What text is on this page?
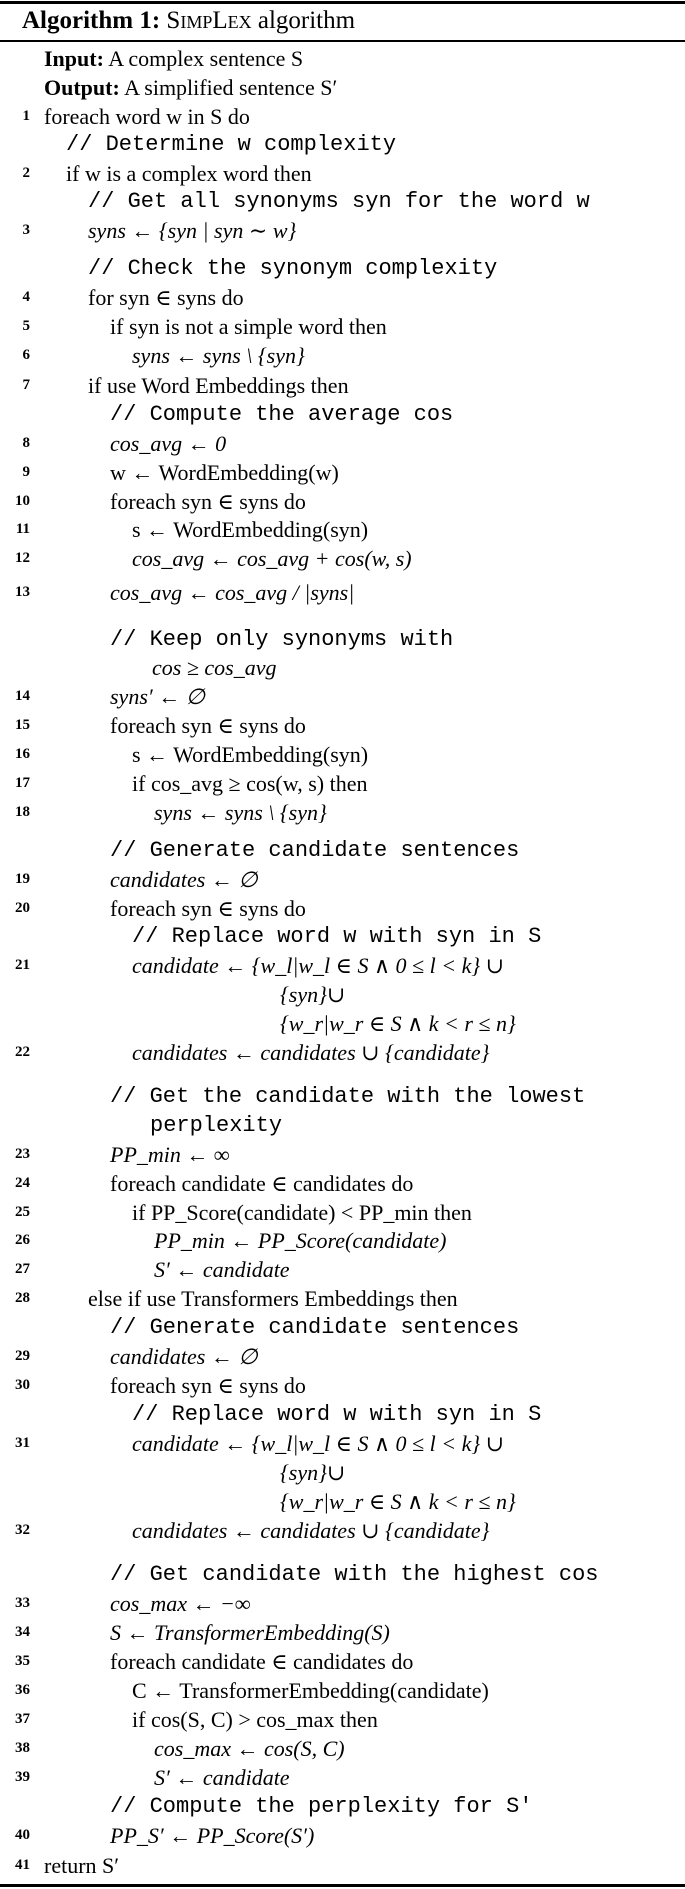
Algorithm 1: SimpLex algorithm
Input: A complex sentence S
Output: A simplified sentence S′
1 foreach word w in S do
// Determine w complexity
2 if w is a complex word then
// Get all synonyms syn for the word w
3	syns ← {syn | syn ∼ w}
// Check the synonym complexity
4	for syn ∈ syns do
5	if syn is not a simple word then
6	syns ← syns \ {syn}
7	if use Word Embeddings then
// Compute the average cos
8	cos_avg ← 0
9	w ← WordEmbedding(w)
10	foreach syn ∈ syns do
11	s ← WordEmbedding(syn)
12	cos_avg ← cos_avg + cos(w, s)
13	cos_avg ← cos_avg / |syns|
// Keep only synonyms with
cos ≥ cos_avg
14	syns′ ← ∅
15	foreach syn ∈ syns do
16	s ← WordEmbedding(syn)
17	if cos_avg ≥ cos(w, s) then
18	syns ← syns \ {syn}
// Generate candidate sentences
19	candidates ← ∅
20	foreach syn ∈ syns do
// Replace word w with syn in S
21	candidate ← {w_l|w_l ∈ S ∧ 0 ≤ l < k} ∪
{syn}∪
{w_r|w_r ∈ S ∧ k < r ≤ n}
22	candidates ← candidates ∪ {candidate}
// Get the candidate with the lowest
perplexity
23	PP_min ← ∞
24	foreach candidate ∈ candidates do
25	if PP_Score(candidate) < PP_min then
26	PP_min ← PP_Score(candidate)
27	S′ ← candidate
28	else if use Transformers Embeddings then
// Generate candidate sentences
29	candidates ← ∅
30	foreach syn ∈ syns do
// Replace word w with syn in S
31	candidate ← {w_l|w_l ∈ S ∧ 0 ≤ l < k} ∪
{syn}∪
{w_r|w_r ∈ S ∧ k < r ≤ n}
32	candidates ← candidates ∪ {candidate}
// Get candidate with the highest cos
33	cos_max ← −∞
34	S ← TransformerEmbedding(S)
35	foreach candidate ∈ candidates do
36	C ← TransformerEmbedding(candidate)
37	if cos(S, C) > cos_max then
38	cos_max ← cos(S, C)
39	S′ ← candidate
// Compute the perplexity for S′
40	PP_S′ ← PP_Score(S′)
41 return S′
